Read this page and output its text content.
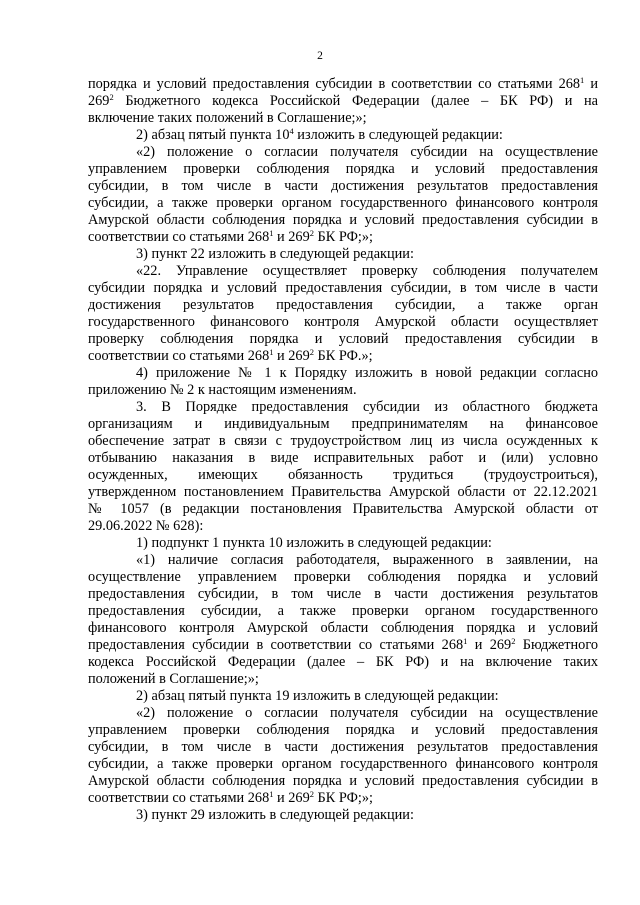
2
порядка и условий предоставления субсидии в соответствии со статьями $268^1$ и
$269^2$ Бюджетного кодекса Российской Федерации (далее – БК РФ) и на
включение таких положений в Соглашение;»;
2) абзац пятый пункта $10^4$ изложить в следующей редакции:
«2) положение о согласии получателя субсидии на осуществление
управлением проверки соблюдения порядка и условий предоставления
субсидии, в том числе в части достижения результатов предоставления
субсидии, а также проверки органом государственного финансового контроля
Амурской области соблюдения порядка и условий предоставления субсидии в
соответствии со статьями $268^1$ и $269^2$ БК РФ;»;
3) пункт 22 изложить в следующей редакции:
«22. Управление осуществляет проверку соблюдения получателем
субсидии порядка и условий предоставления субсидии, в том числе в части
достижения результатов предоставления субсидии, а также орган
государственного финансового контроля Амурской области осуществляет
проверку соблюдения порядка и условий предоставления субсидии в
соответствии со статьями $268^1$ и $269^2$ БК РФ.»;
4) приложение № 1 к Порядку изложить в новой редакции согласно
приложению № 2 к настоящим изменениям.
3. В Порядке предоставления субсидии из областного бюджета
организациям и индивидуальным предпринимателям на финансовое
обеспечение затрат в связи с трудоустройством лиц из числа осужденных к
отбыванию наказания в виде исправительных работ и (или) условно
осужденных, имеющих обязанность трудиться (трудоустроиться),
утвержденном постановлением Правительства Амурской области от 22.12.2021
№ 1057 (в редакции постановления Правительства Амурской области от
29.06.2022 № 628):
1) подпункт 1 пункта 10 изложить в следующей редакции:
«1) наличие согласия работодателя, выраженного в заявлении, на
осуществление управлением проверки соблюдения порядка и условий
предоставления субсидии, в том числе в части достижения результатов
предоставления субсидии, а также проверки органом государственного
финансового контроля Амурской области соблюдения порядка и условий
предоставления субсидии в соответствии со статьями $268^1$ и $269^2$ Бюджетного
кодекса Российской Федерации (далее – БК РФ) и на включение таких
положений в Соглашение;»;
2) абзац пятый пункта 19 изложить в следующей редакции:
«2) положение о согласии получателя субсидии на осуществление
управлением проверки соблюдения порядка и условий предоставления
субсидии, в том числе в части достижения результатов предоставления
субсидии, а также проверки органом государственного финансового контроля
Амурской области соблюдения порядка и условий предоставления субсидии в
соответствии со статьями $268^1$ и $269^2$ БК РФ;»;
3) пункт 29 изложить в следующей редакции:
